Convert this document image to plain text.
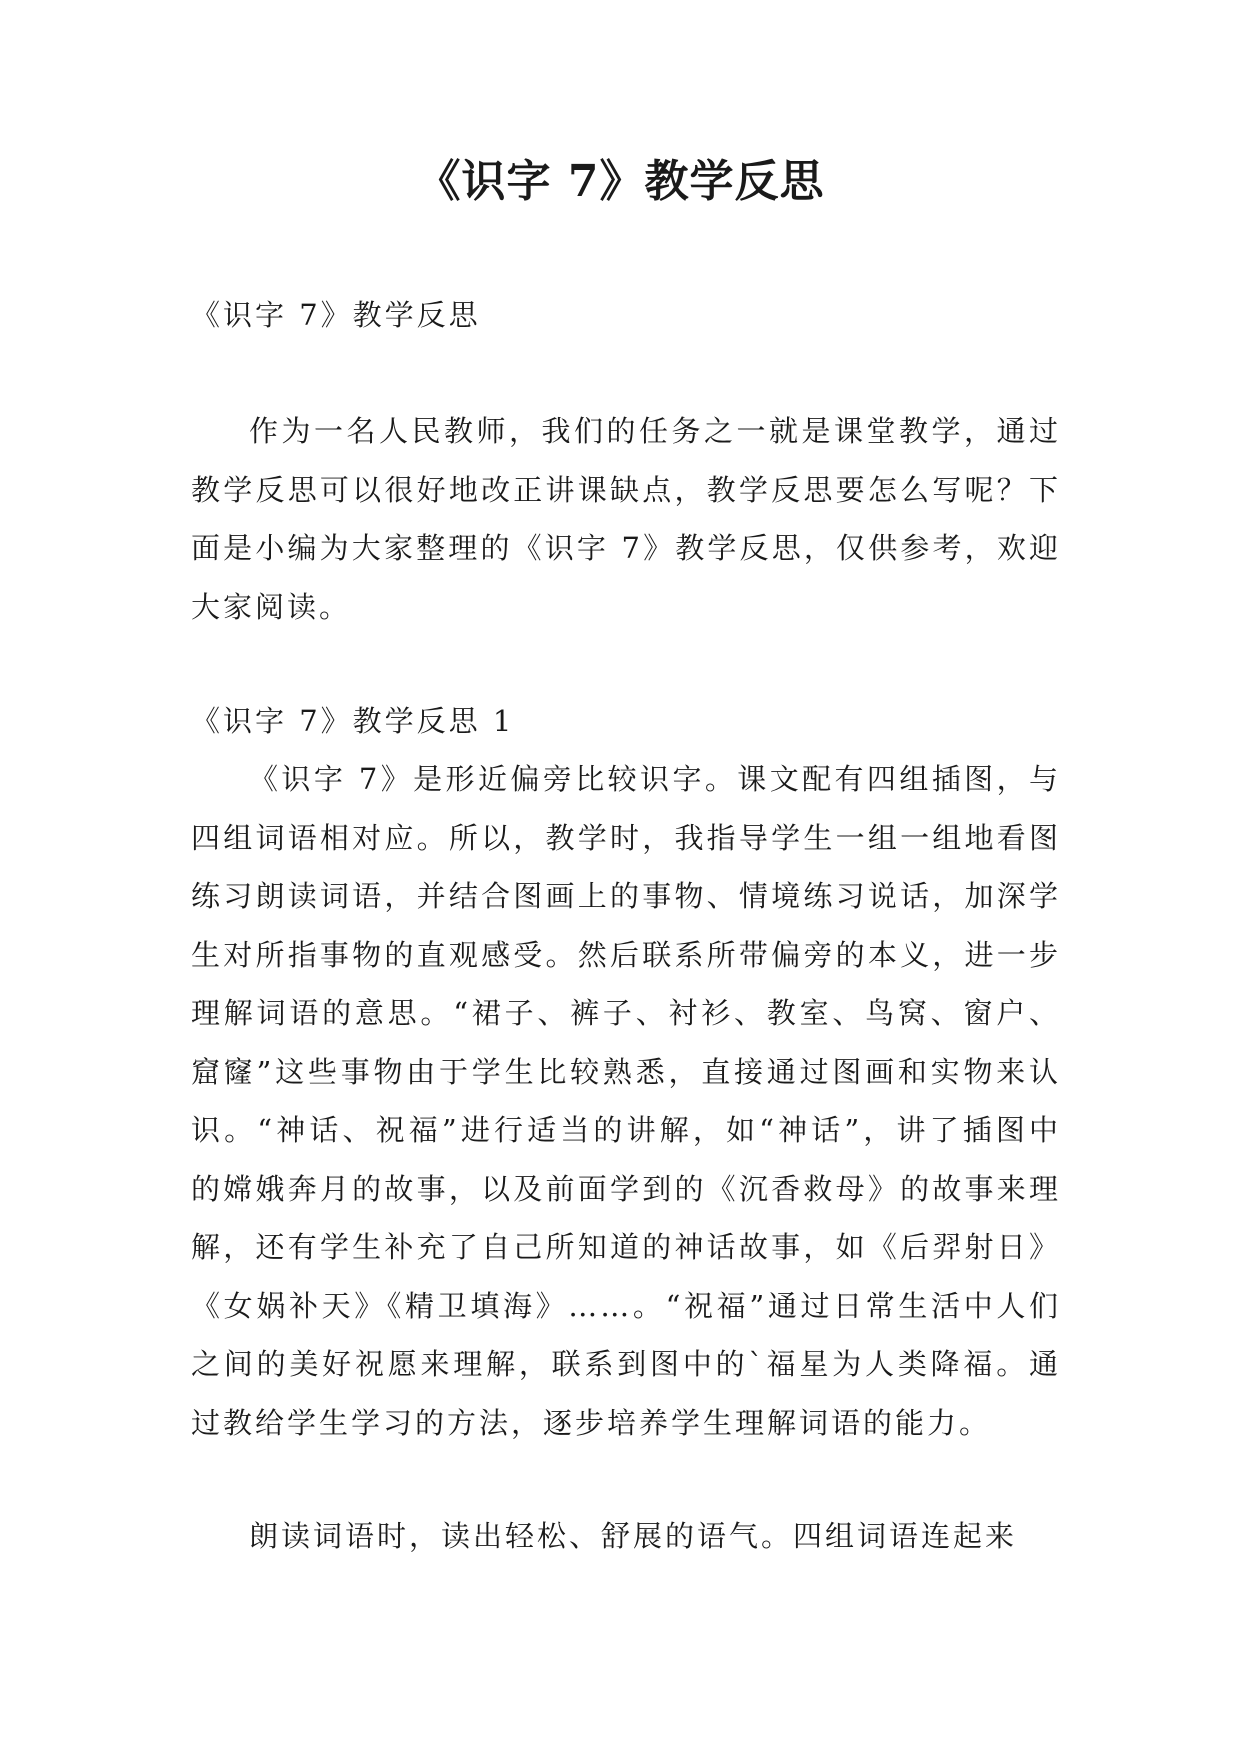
《识字 7》教学反思

《识字 7》教学反思

作为一名人民教师，我们的任务之一就是课堂教学，通过教学反思可以很好地改正讲课缺点，教学反思要怎么写呢？下面是小编为大家整理的《识字 7》教学反思，仅供参考，欢迎大家阅读。

《识字 7》教学反思 1

《识字 7》是形近偏旁比较识字。课文配有四组插图，与四组词语相对应。所以，教学时，我指导学生一组一组地看图练习朗读词语，并结合图画上的事物、情境练习说话，加深学生对所指事物的直观感受。然后联系所带偏旁的本义，进一步理解词语的意思。“裙子、裤子、衬衫、教室、鸟窝、窗户、窟窿”这些事物由于学生比较熟悉，直接通过图画和实物来认识。“神话、祝福”进行适当的讲解，如“神话”，讲了插图中的嫦娥奔月的故事，以及前面学到的《沉香救母》的故事来理解，还有学生补充了自己所知道的神话故事，如《后羿射日》《女娲补天》《精卫填海》……。“祝福”通过日常生活中人们之间的美好祝愿来理解，联系到图中的`福星为人类降福。通过教给学生学习的方法，逐步培养学生理解词语的能力。

朗读词语时，读出轻松、舒展的语气。四组词语连起来
